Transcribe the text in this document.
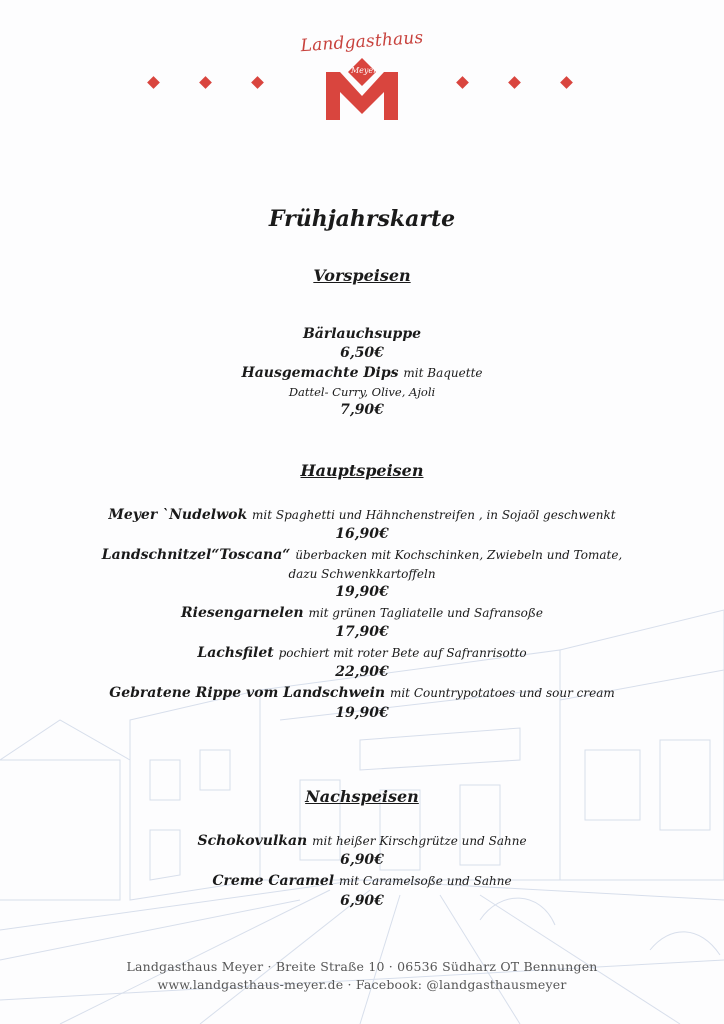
Landgasthaus
Meyer
Frühjahrskarte
Vorspeisen
Bärlauchsuppe
6,50€
Hausgemachte Dips mit Baquette
Dattel- Curry, Olive, Ajoli
7,90€
Hauptspeisen
Meyer `Nudelwok mit Spaghetti und Hähnchenstreifen , in Sojaöl geschwenkt
16,90€
Landschnitzel“Toscana“ überbacken mit Kochschinken, Zwiebeln und Tomate,
dazu Schwenkkartoffeln
19,90€
Riesengarnelen mit grünen Tagliatelle und Safransoße
17,90€
Lachsfilet pochiert mit roter Bete auf Safranrisotto
22,90€
Gebratene Rippe vom Landschwein mit Countrypotatoes und sour cream
19,90€
Nachspeisen
Schokovulkan mit heißer Kirschgrütze und Sahne
6,90€
Creme Caramel mit Caramelsoße und Sahne
6,90€
Landgasthaus Meyer · Breite Straße 10 · 06536 Südharz OT Bennungen
www.landgasthaus-meyer.de · Facebook: @landgasthausmeyer
